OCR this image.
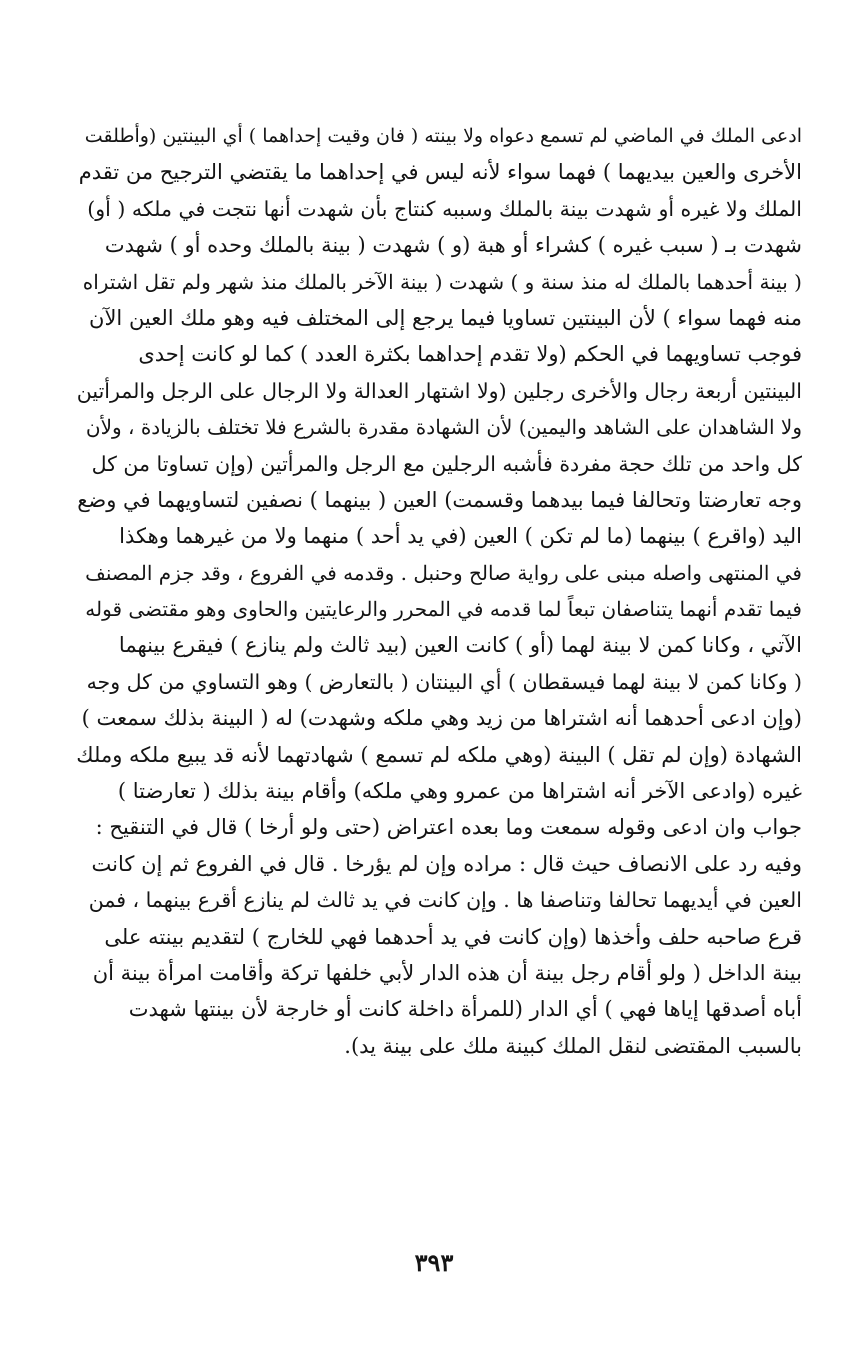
ادعى الملك في الماضي لم تسمع دعواه ولا بينته ( فان وقيت إحداهما ) أي البينتين (وأطلقت
الأخرى والعين بيديهما ) فهما سواء لأنه ليس في إحداهما ما يقتضي الترجيح من تقدم
الملك ولا غيره أو شهدت بينة بالملك وسببه كنتاج بأن شهدت أنها نتجت في ملكه ( أو)
شهدت بـ ( سبب غيره ) كشراء أو هبة (و ) شهدت ( بينة بالملك وحده أو ) شهدت
( بينة أحدهما بالملك له منذ سنة و ) شهدت ( بينة الآخر بالملك منذ شهر ولم تقل اشتراه
منه فهما سواء ) لأن البينتين تساويا فيما يرجع إلى المختلف فيه وهو ملك العين الآن
فوجب تساويهما في الحكم (ولا تقدم إحداهما بكثرة العدد ) كما لو كانت إحدى
البينتين أربعة رجال والأخرى رجلين (ولا اشتهار العدالة ولا الرجال على الرجل والمرأتين
ولا الشاهدان على الشاهد واليمين) لأن الشهادة مقدرة بالشرع فلا تختلف بالزيادة ، ولأن
كل واحد من تلك حجة مفردة فأشبه الرجلين مع الرجل والمرأتين (وإن تساوتا من كل
وجه تعارضتا وتحالفا فيما بيدهما وقسمت) العين ( بينهما ) نصفين لتساويهما في وضع
اليد (واقرع ) بينهما (ما لم تكن ) العين (في يد أحد ) منهما ولا من غيرهما وهكذا
في المنتهى واصله مبنى على رواية صالح وحنبل . وقدمه في الفروع ، وقد جزم المصنف
فيما تقدم أنهما يتناصفان تبعاً لما قدمه في المحرر والرعايتين والحاوى وهو مقتضى قوله
الآتي ، وكانا كمن لا بينة لهما (أو ) كانت العين (بيد ثالث ولم ينازع ) فيقرع بينهما
( وكانا كمن لا بينة لهما فيسقطان ) أي البينتان ( بالتعارض ) وهو التساوي من كل وجه
(وإن ادعى أحدهما أنه اشتراها من زيد وهي ملكه وشهدت) له ( البينة بذلك سمعت )
الشهادة (وإن لم تقل ) البينة (وهي ملكه لم تسمع ) شهادتهما لأنه قد يبيع ملكه وملك
غيره (وادعى الآخر أنه اشتراها من عمرو وهي ملكه) وأقام بينة بذلك ( تعارضتا )
جواب وان ادعى وقوله سمعت وما بعده اعتراض (حتى ولو أرخا ) قال في التنقيح :
وفيه رد على الانصاف حيث قال : مراده وإن لم يؤرخا . قال في الفروع ثم إن كانت
العين في أيديهما تحالفا وتناصفا ها . وإن كانت في يد ثالث لم ينازع أقرع بينهما ، فمن
قرع صاحبه حلف وأخذها (وإن كانت في يد أحدهما فهي للخارج ) لتقديم بينته على
بينة الداخل ( ولو أقام رجل بينة أن هذه الدار لأبي خلفها تركة وأقامت امرأة بينة أن
أباه أصدقها إياها فهي ) أي الدار (للمرأة داخلة كانت أو خارجة لأن بينتها شهدت
بالسبب المقتضى لنقل الملك كبينة ملك على بينة يد).
٣٩٣
